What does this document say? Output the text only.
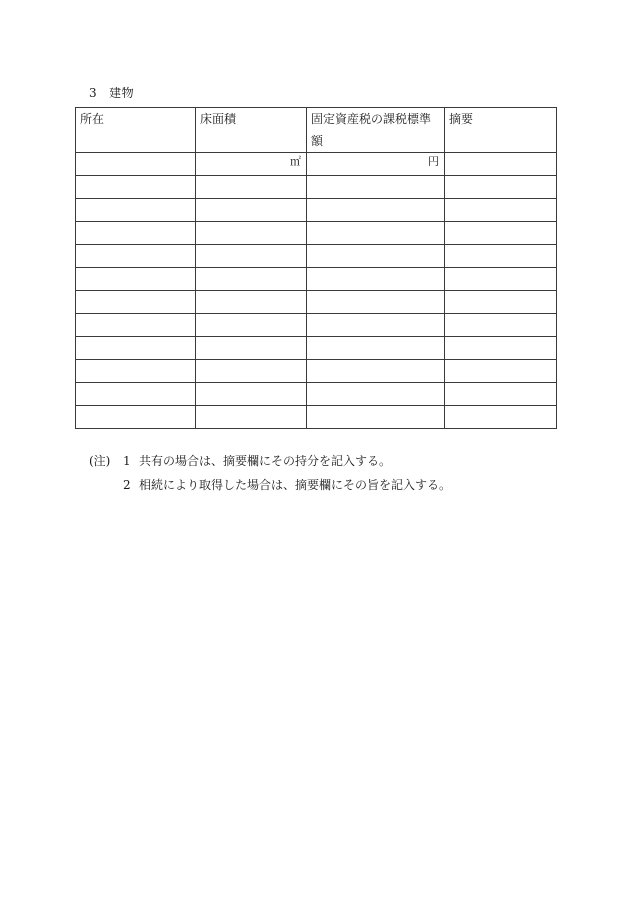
3 建物
所在	床面積	固定資産税の課税標準額	摘要
	㎡	円	

(注)	1 共有の場合は、摘要欄にその持分を記入する。
2 相続により取得した場合は、摘要欄にその旨を記入する。
